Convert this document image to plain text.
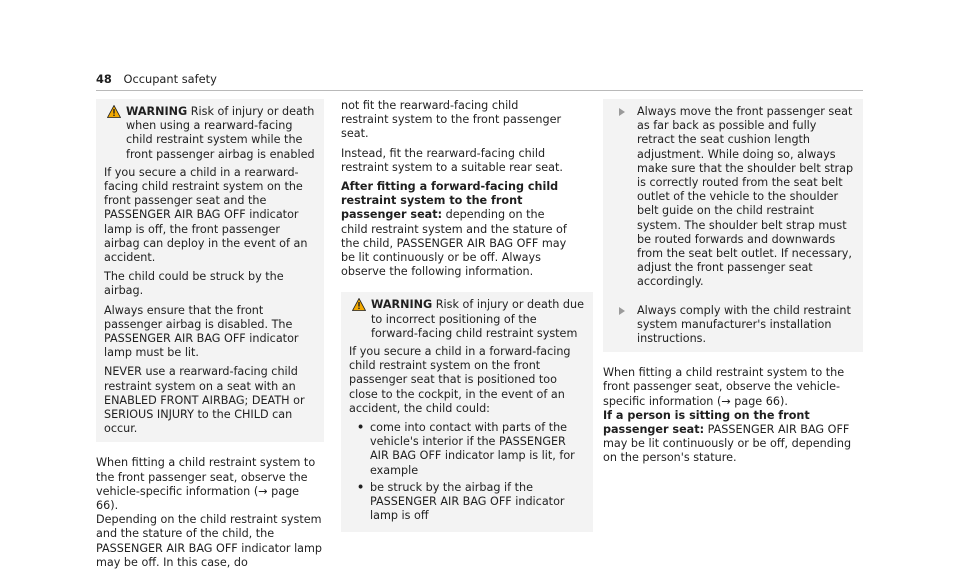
48 Occupant safety
WARNING Risk of injury or death when using a rearward-facing child restraint system while the front passenger airbag is enabled

If you secure a child in a rearward-facing child restraint system on the front passenger seat and the PASSENGER AIR BAG OFF indicator lamp is off, the front passenger airbag can deploy in the event of an accident.

The child could be struck by the airbag.

Always ensure that the front passenger airbag is disabled. The PASSENGER AIR BAG OFF indicator lamp must be lit.

NEVER use a rearward-facing child restraint system on a seat with an ENABLED FRONT AIRBAG; DEATH or SERIOUS INJURY to the CHILD can occur.

When fitting a child restraint system to the front passenger seat, observe the vehicle-specific information (→ page 66).

Depending on the child restraint system and the stature of the child, the PASSENGER AIR BAG OFF indicator lamp may be off. In this case, do

not fit the rearward-facing child restraint system to the front passenger seat.

Instead, fit the rearward-facing child restraint system to a suitable rear seat.

After fitting a forward-facing child restraint system to the front passenger seat: depending on the child restraint system and the stature of the child, PASSENGER AIR BAG OFF may be lit continuously or be off. Always observe the following information.

WARNING Risk of injury or death due to incorrect positioning of the forward-facing child restraint system

If you secure a child in a forward-facing child restraint system on the front passenger seat that is positioned too close to the cockpit, in the event of an accident, the child could:

• come into contact with parts of the vehicle's interior if the PASSENGER AIR BAG OFF indicator lamp is lit, for example
• be struck by the airbag if the PASSENGER AIR BAG OFF indicator lamp is off
Always move the front passenger seat as far back as possible and fully retract the seat cushion length adjustment. While doing so, always make sure that the shoulder belt strap is correctly routed from the seat belt outlet of the vehicle to the shoulder belt guide on the child restraint system. The shoulder belt strap must be routed forwards and downwards from the seat belt outlet. If necessary, adjust the front passenger seat accordingly.
Always comply with the child restraint system manufacturer's installation instructions.

When fitting a child restraint system to the front passenger seat, observe the vehicle-specific information (→ page 66).

If a person is sitting on the front passenger seat: PASSENGER AIR BAG OFF may be lit continuously or be off, depending on the person's stature.
